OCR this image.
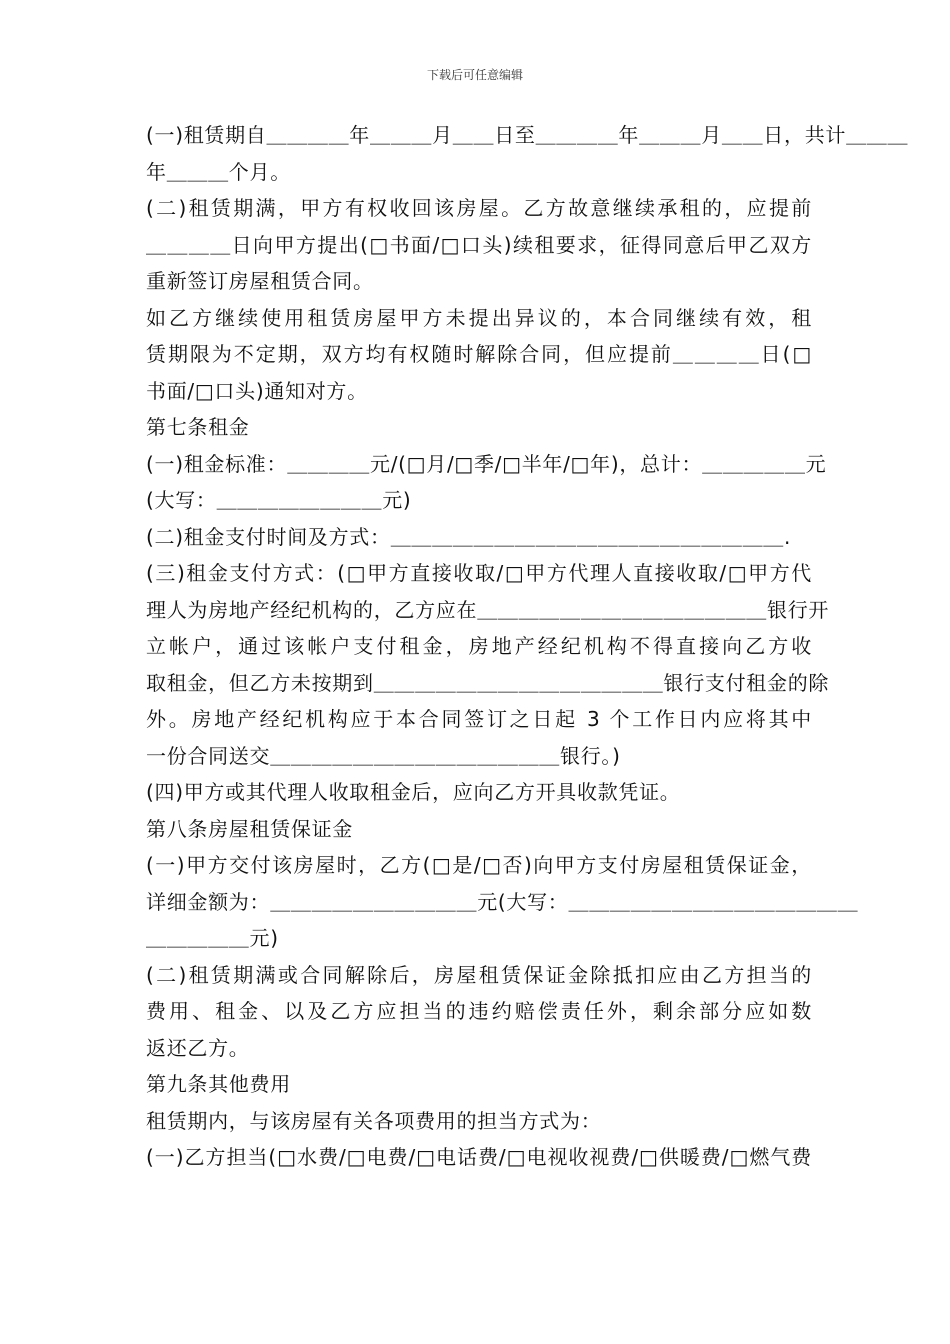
下载后可任意编辑
(一)租赁期自＿＿＿＿年＿＿＿月＿＿日至＿＿＿＿年＿＿＿月＿＿日，共计＿＿＿
年＿＿＿个月。
(二)租赁期满，甲方有权收回该房屋。乙方故意继续承租的，应提前
＿＿＿＿日向甲方提出(□书面/□口头)续租要求，征得同意后甲乙双方
重新签订房屋租赁合同。
如乙方继续使用租赁房屋甲方未提出异议的，本合同继续有效，租
赁期限为不定期，双方均有权随时解除合同，但应提前＿＿＿＿日(□
书面/□口头)通知对方。
第七条租金
(一)租金标准：＿＿＿＿元/(□月/□季/□半年/□年)，总计：＿＿＿＿＿元
(大写：＿＿＿＿＿＿＿＿元)
(二)租金支付时间及方式：＿＿＿＿＿＿＿＿＿＿＿＿＿＿＿＿＿＿＿.
(三)租金支付方式：(□甲方直接收取/□甲方代理人直接收取/□甲方代
理人为房地产经纪机构的，乙方应在＿＿＿＿＿＿＿＿＿＿＿＿＿＿银行开
立帐户，通过该帐户支付租金，房地产经纪机构不得直接向乙方收
取租金，但乙方未按期到＿＿＿＿＿＿＿＿＿＿＿＿＿＿银行支付租金的除
外。房地产经纪机构应于本合同签订之日起 3 个工作日内应将其中
一份合同送交＿＿＿＿＿＿＿＿＿＿＿＿＿＿银行。)
(四)甲方或其代理人收取租金后，应向乙方开具收款凭证。
第八条房屋租赁保证金
(一)甲方交付该房屋时，乙方(□是/□否)向甲方支付房屋租赁保证金，
详细金额为：＿＿＿＿＿＿＿＿＿＿元(大写：＿＿＿＿＿＿＿＿＿＿＿＿＿＿
＿＿＿＿＿元)
(二)租赁期满或合同解除后，房屋租赁保证金除抵扣应由乙方担当的
费用、租金、以及乙方应担当的违约赔偿责任外，剩余部分应如数
返还乙方。
第九条其他费用
租赁期内，与该房屋有关各项费用的担当方式为：
(一)乙方担当(□水费/□电费/□电话费/□电视收视费/□供暖费/□燃气费
